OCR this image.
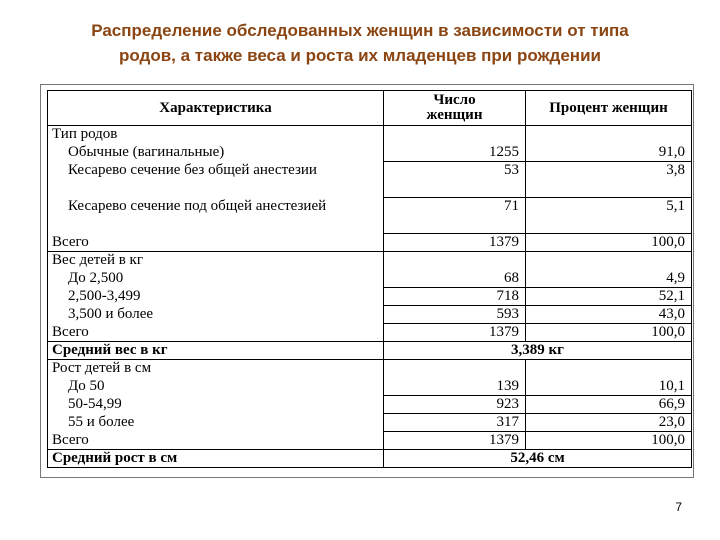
Распределение обследованных женщин в зависимости от типа
родов, а также веса и роста их младенцев при рождении
Характеристика	Число женщин	Процент женщин
Тип родов		
Обычные (вагинальные)	1255	91,0
Кесарево сечение без общей анестезии	53	3,8
Кесарево сечение под общей анестезией	71	5,1
Всего	1379	100,0
Вес детей в кг		
До 2,500	68	4,9
2,500-3,499	718	52,1
3,500 и более	593	43,0
Всего	1379	100,0
Средний вес в кг	3,389 кг	
Рост детей в см		
До 50	139	10,1
50-54,99	923	66,9
55 и более	317	23,0
Всего	1379	100,0
Средний рост в см	52,46 см	
7
